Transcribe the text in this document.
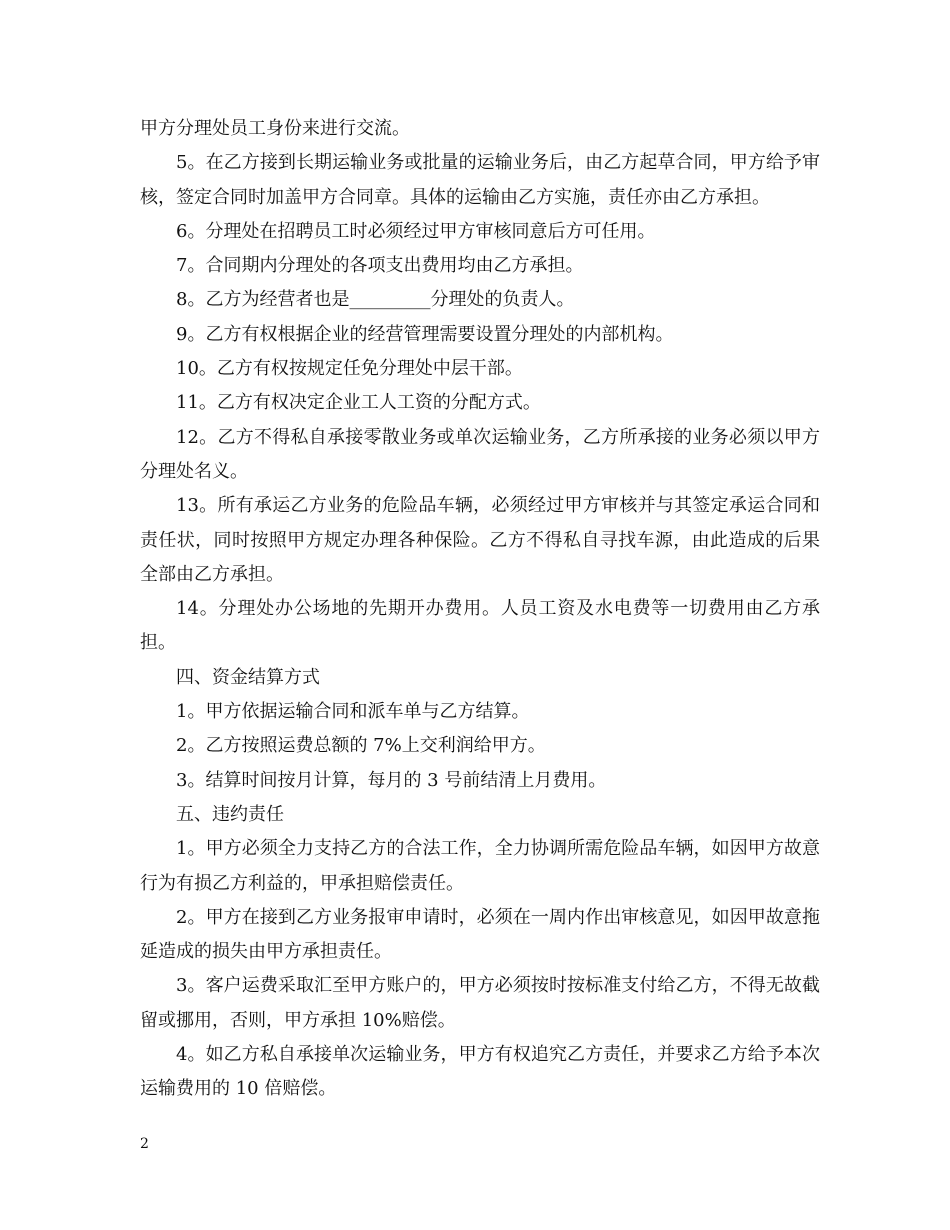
甲方分理处员工身份来进行交流。

5。在乙方接到长期运输业务或批量的运输业务后，由乙方起草合同，甲方给予审核，签定合同时加盖甲方合同章。具体的运输由乙方实施，责任亦由乙方承担。

6。分理处在招聘员工时必须经过甲方审核同意后方可任用。

7。合同期内分理处的各项支出费用均由乙方承担。

8。乙方为经营者也是_________分理处的负责人。

9。乙方有权根据企业的经营管理需要设置分理处的内部机构。

10。乙方有权按规定任免分理处中层干部。

11。乙方有权决定企业工人工资的分配方式。

12。乙方不得私自承接零散业务或单次运输业务，乙方所承接的业务必须以甲方分理处名义。

13。所有承运乙方业务的危险品车辆，必须经过甲方审核并与其签定承运合同和责任状，同时按照甲方规定办理各种保险。乙方不得私自寻找车源，由此造成的后果全部由乙方承担。

14。分理处办公场地的先期开办费用。人员工资及水电费等一切费用由乙方承担。

四、资金结算方式

1。甲方依据运输合同和派车单与乙方结算。

2。乙方按照运费总额的 7%上交利润给甲方。

3。结算时间按月计算，每月的 3 号前结清上月费用。

五、违约责任

1。甲方必须全力支持乙方的合法工作，全力协调所需危险品车辆，如因甲方故意行为有损乙方利益的，甲承担赔偿责任。

2。甲方在接到乙方业务报审申请时，必须在一周内作出审核意见，如因甲故意拖延造成的损失由甲方承担责任。

3。客户运费采取汇至甲方账户的，甲方必须按时按标准支付给乙方，不得无故截留或挪用，否则，甲方承担 10%赔偿。

4。如乙方私自承接单次运输业务，甲方有权追究乙方责任，并要求乙方给予本次运输费用的 10 倍赔偿。

2
